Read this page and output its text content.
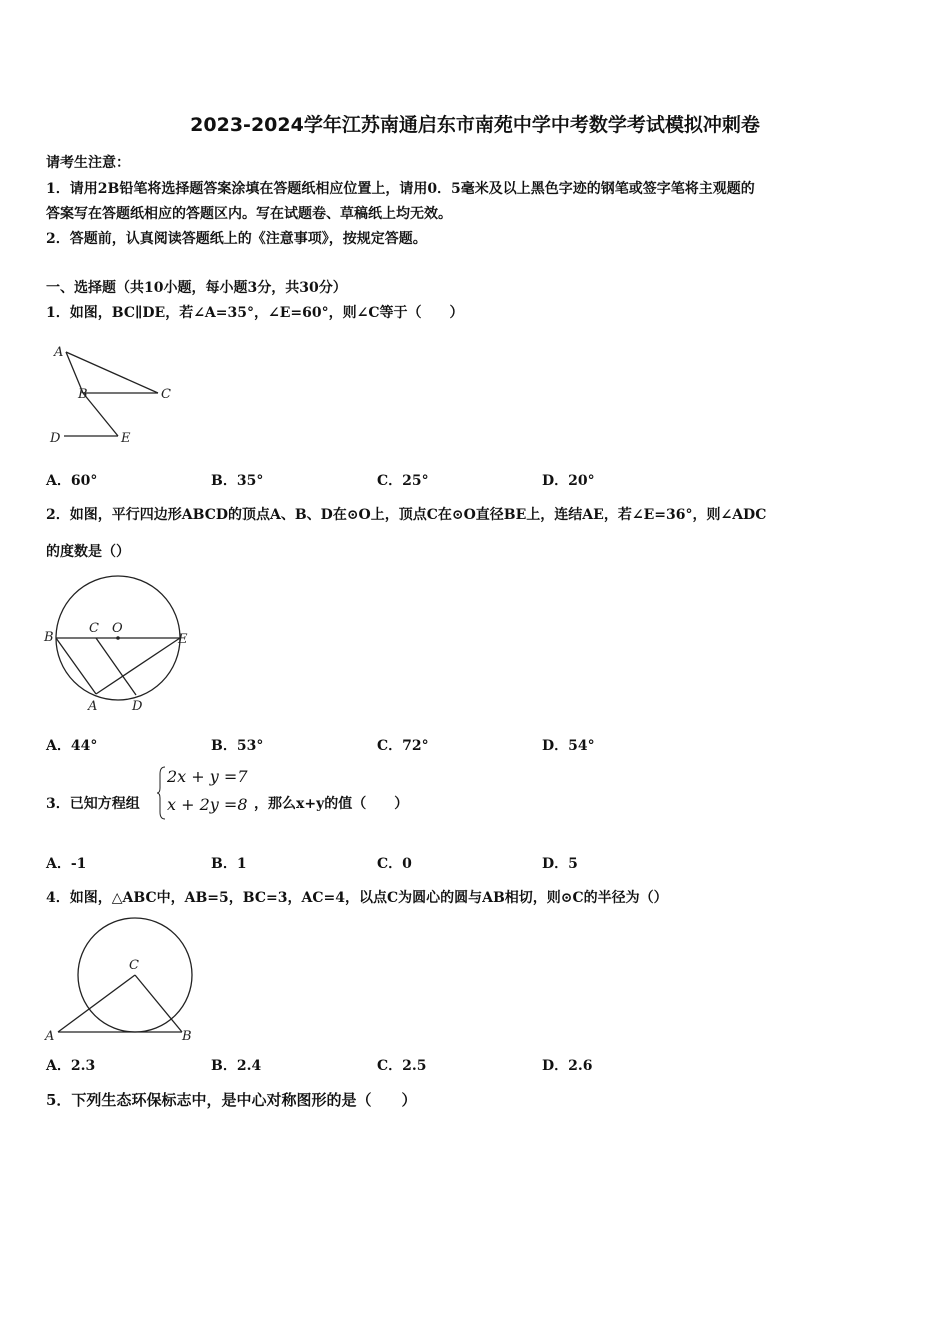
2023-2024学年江苏南通启东市南苑中学中考数学考试模拟冲刺卷
请考生注意：
1．请用2B铅笔将选择题答案涂填在答题纸相应位置上，请用0．5毫米及以上黑色字迹的钢笔或签字笔将主观题的
答案写在答题纸相应的答题区内。写在试题卷、草稿纸上均无效。
2．答题前，认真阅读答题纸上的《注意事项》，按规定答题。
一、选择题（共10小题，每小题3分，共30分）
1．如图，BC∥DE，若∠A=35°，∠E=60°，则∠C等于（　　）
A
B	C
D	E
A．60°	B．35°	C．25°	D．20°
2．如图，平行四边形ABCD的顶点A、B、D在⊙O上，顶点C在⊙O直径BE上，连结AE，若∠E=36°，则∠ADC
的度数是（）
B
C O
E
A	D
A．44°	B．53°	C．72°	D．54°
3．已知方程组
2x + y =7
x + 2y =8 ，那么x+y的值（　　）
A．-1	B．1	C．0	D．5
4．如图，△ABC中，AB=5，BC=3，AC=4，以点C为圆心的圆与AB相切，则⊙C的半径为（）
C
A	B
A．2.3	B．2.4	C．2.5	D．2.6
5．下列生态环保标志中，是中心对称图形的是（　　）
